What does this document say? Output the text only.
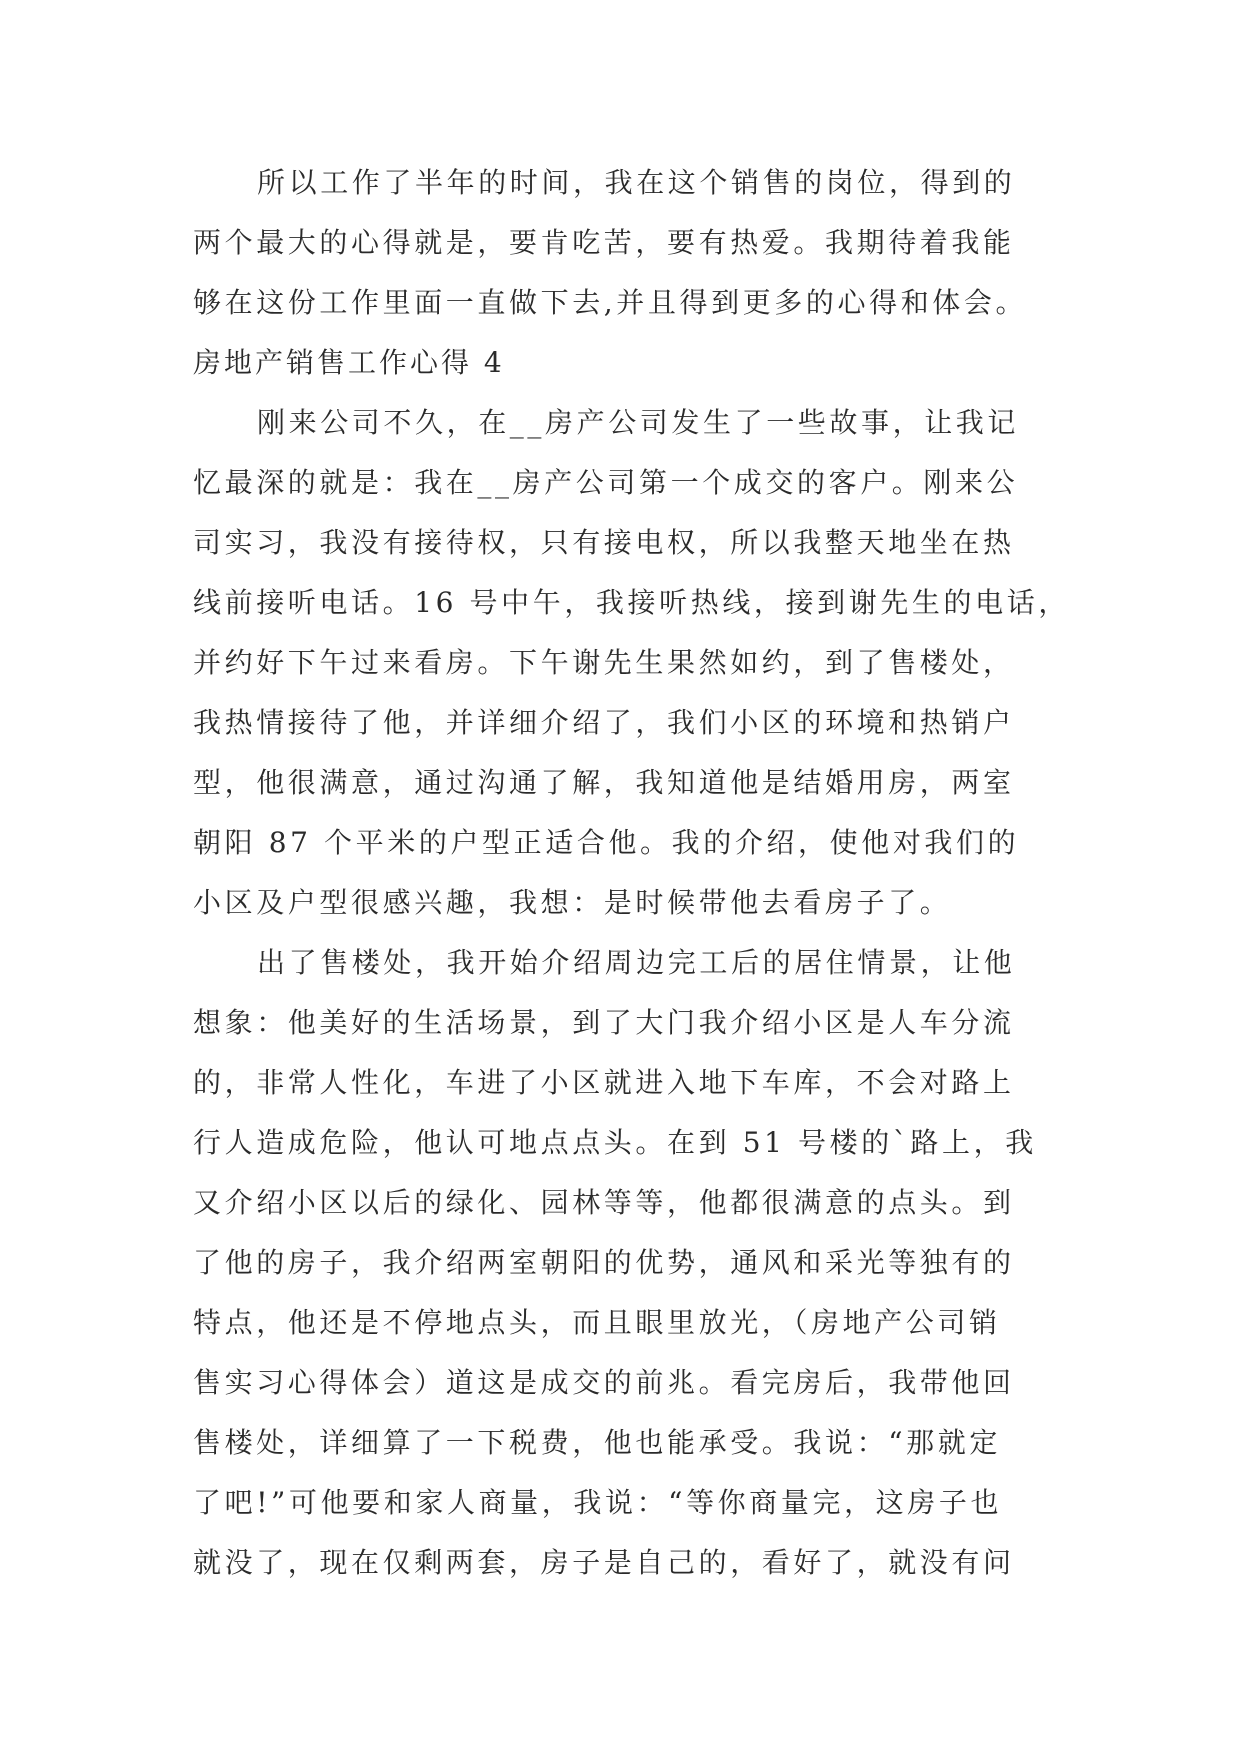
所以工作了半年的时间，我在这个销售的岗位，得到的
两个最大的心得就是，要肯吃苦，要有热爱。我期待着我能
够在这份工作里面一直做下去,并且得到更多的心得和体会。
房地产销售工作心得 4
刚来公司不久，在__房产公司发生了一些故事，让我记
忆最深的就是：我在__房产公司第一个成交的客户。刚来公
司实习，我没有接待权，只有接电权，所以我整天地坐在热
线前接听电话。16 号中午，我接听热线，接到谢先生的电话，
并约好下午过来看房。下午谢先生果然如约，到了售楼处，
我热情接待了他，并详细介绍了，我们小区的环境和热销户
型，他很满意，通过沟通了解，我知道他是结婚用房，两室
朝阳 87 个平米的户型正适合他。我的介绍，使他对我们的
小区及户型很感兴趣，我想：是时候带他去看房子了。
出了售楼处，我开始介绍周边完工后的居住情景，让他
想象：他美好的生活场景，到了大门我介绍小区是人车分流
的，非常人性化，车进了小区就进入地下车库，不会对路上
行人造成危险，他认可地点点头。在到 51 号楼的`路上，我
又介绍小区以后的绿化、园林等等，他都很满意的点头。到
了他的房子，我介绍两室朝阳的优势，通风和采光等独有的
特点，他还是不停地点头，而且眼里放光，（房地产公司销
售实习心得体会）道这是成交的前兆。看完房后，我带他回
售楼处，详细算了一下税费，他也能承受。我说：“那就定
了吧!”可他要和家人商量，我说：“等你商量完，这房子也
就没了，现在仅剩两套，房子是自己的，看好了，就没有问
